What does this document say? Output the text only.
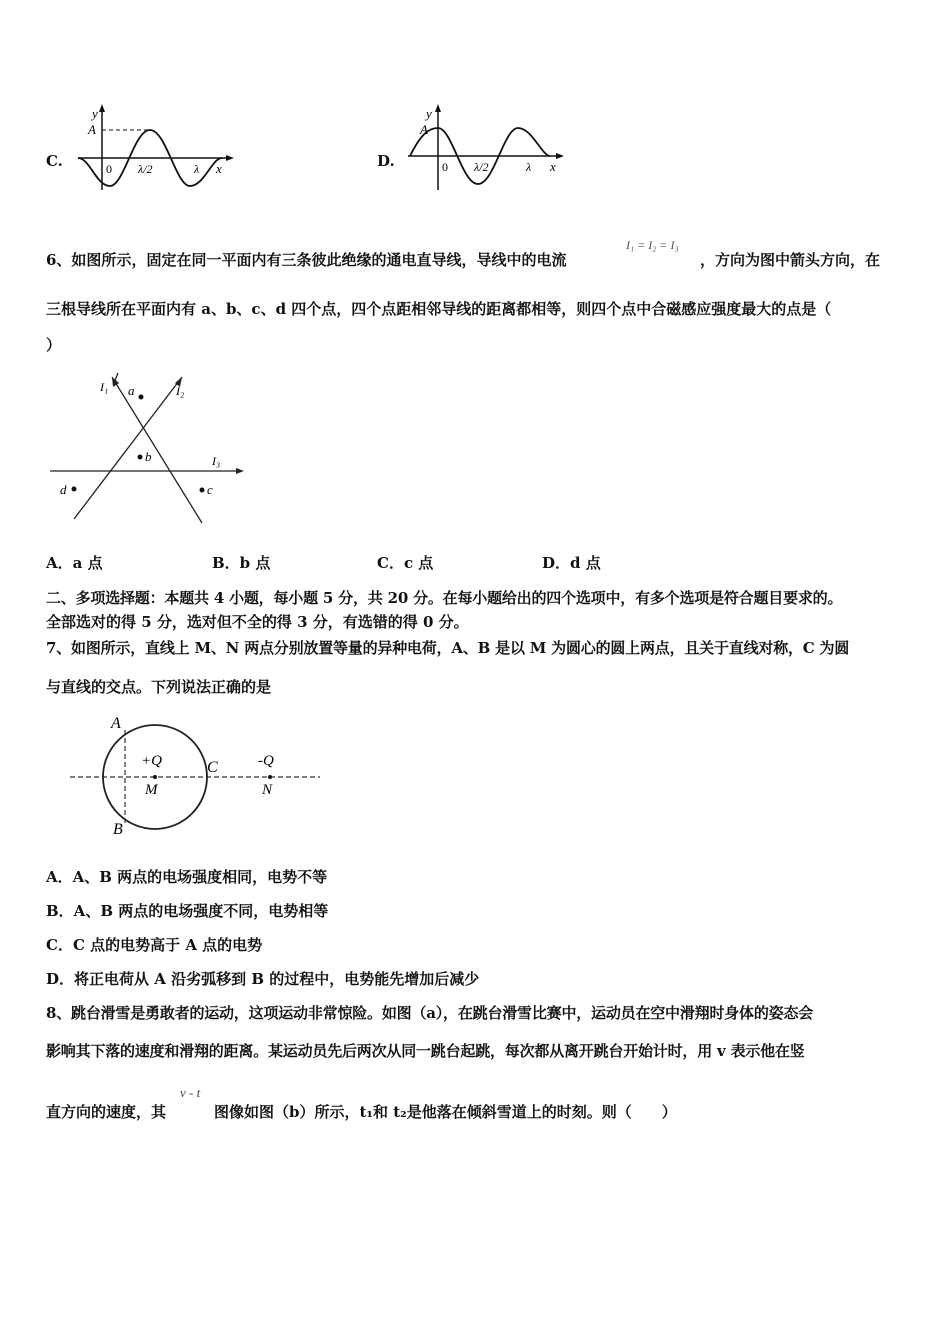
C.
y
A
0 λ/2	λ x	D.
y
A
0 λ/2	λ x
6、如图所示，固定在同一平面内有三条彼此绝缘的通电直导线，导线中的电流
I₁ = I₂ = I₃
，方向为图中箭头方向，在
三根导线所在平面内有 a、b、c、d 四个点，四个点距相邻导线的距离都相等，则四个点中合磁感应强度最大的点是（
）
I₁	I₂
I₃
a
b
c
d
A．a 点	B．b 点	C．c 点	D．d 点
二、多项选择题：本题共 4 小题，每小题 5 分，共 20 分。在每小题给出的四个选项中，有多个选项是符合题目要求的。
全部选对的得 5 分，选对但不全的得 3 分，有选错的得 0 分。
7、如图所示，直线上 M、N 两点分别放置等量的异种电荷，A、B 是以 M 为圆心的圆上两点，且关于直线对称，C 为圆
与直线的交点。下列说法正确的是
A
B
C
+Q
M
-Q
N
A．A、B 两点的电场强度相同，电势不等
B．A、B 两点的电场强度不同，电势相等
C．C 点的电势高于 A 点的电势
D．将正电荷从 A 沿劣弧移到 B 的过程中，电势能先增加后减少
8、跳台滑雪是勇敢者的运动，这项运动非常惊险。如图（a），在跳台滑雪比赛中，运动员在空中滑翔时身体的姿态会
影响其下落的速度和滑翔的距离。某运动员先后两次从同一跳台起跳，每次都从离开跳台开始计时，用 v 表示他在竖
v - t
直方向的速度，其	图像如图（b）所示，t₁和 t₂是他落在倾斜雪道上的时刻。则（　　）
